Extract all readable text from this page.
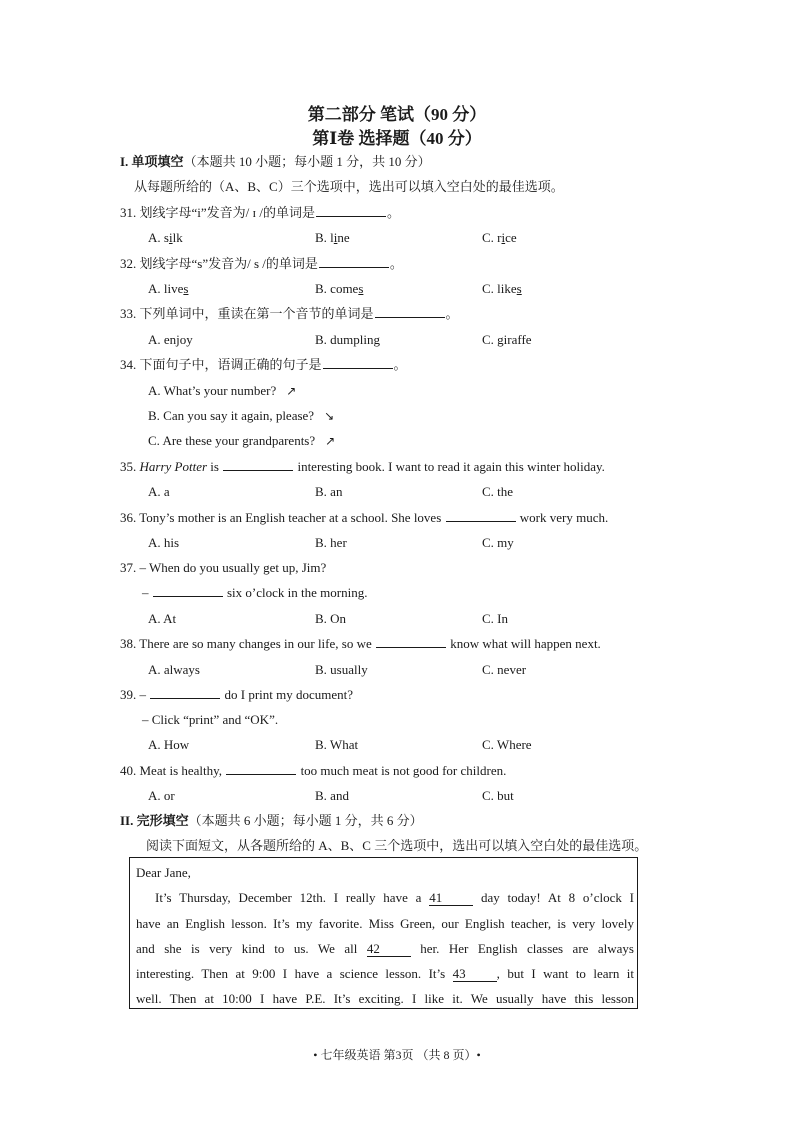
第二部分 笔试（90 分）
第Ⅰ卷 选择题（40 分）
I. 单项填空（本题共 10 小题；每小题 1 分，共 10 分）
从每题所给的（A、B、C）三个选项中，选出可以填入空白处的最佳选项。
31. 划线字母“i”发音为/ ɪ /的单词是	。
A. silk	B. line	C. rice
32. 划线字母“s”发音为/ s /的单词是	。
A. lives	B. comes	C. likes
33. 下列单词中，重读在第一个音节的单词是	。
A. enjoy	B. dumpling	C. giraffe
34. 下面句子中，语调正确的句子是	。
A. What’s your number? ↗
B. Can you say it again, please? ↘
C. Are these your grandparents? ↗
35. Harry Potter is	interesting book. I want to read it again this winter holiday.
A. a	B. an	C. the
36. Tony’s mother is an English teacher at a school. She loves	work very much.
A. his	B. her	C. my
37. – When do you usually get up, Jim?
–	six o’clock in the morning.
A. At	B. On	C. In
38. There are so many changes in our life, so we	know what will happen next.
A. always	B. usually	C. never
39. –	do I print my document?
– Click “print” and “OK”.
A. How	B. What	C. Where
40. Meat is healthy,	too much meat is not good for children.
A. or	B. and	C. but
II. 完形填空（本题共 6 小题；每小题 1 分，共 6 分）
阅读下面短文，从各题所给的 A、B、C 三个选项中，选出可以填入空白处的最佳选项。
Dear Jane,
It’s Thursday, December 12th. I really have a 41 day today! At 8 o’clock I
have an English lesson. It’s my favorite. Miss Green, our English teacher, is very lovely
and she is very kind to us. We all 42 her. Her English classes are always
interesting. Then at 9:00 I have a science lesson. It’s 43 , but I want to learn it
well. Then at 10:00 I have P.E. It’s exciting. I like it. We usually have this lesson
• 七年级英语 第3页 （共 8 页）•
